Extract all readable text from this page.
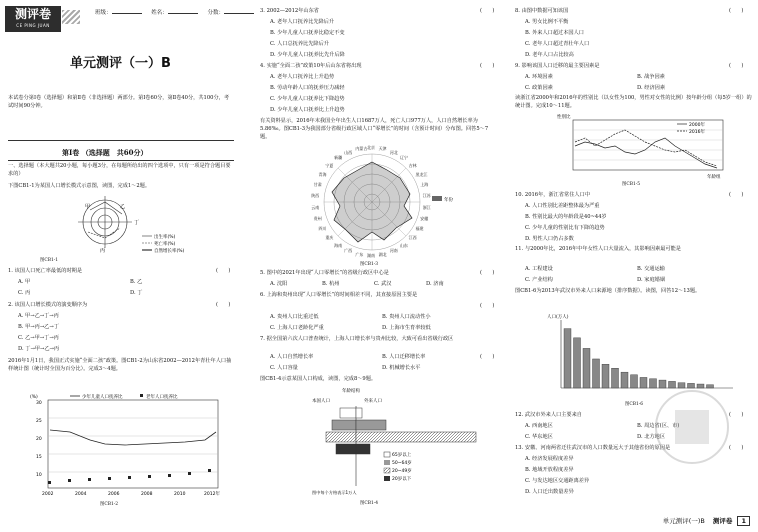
测评卷
CE PING JUAN
班级：	姓名：	分数：
单元测评（一）B
本试卷分第Ⅰ卷（选择题）和第Ⅱ卷（非选择题）两部分。第Ⅰ卷60分，第Ⅱ卷40分，共100分，考试时间90分钟。
第Ⅰ卷 （选择题　共60分）
一、选择题（本大题共20小题，每小题3分，在每题所给出的四个选项中，只有一项是符合题目要求的）
下图CB1-1为某国人口增长模式示意图，读图，完成1～2题。
甲	乙
丁
丙
出生率(%)
死亡率(%)
自然增长率(%)
图CB1-1
1. 该国人口死亡率最低的时期是	(　　)
A. 甲	B. 乙
C. 丙	D. 丁
2. 该国人口增长模式的演变顺序为	(　　)
A. 甲→乙→丁→丙
B. 甲→丙→乙→丁
C. 乙→甲→丁→丙
D. 丁→甲→乙→丙
2016年1月1日，我国正式实施“全面二孩”政策。图CB1-2为山东省2002—2012年青壮年人口抽样统计图（统计时全国为百分比）。完成3～4题。
(%)
30
25
20
15
10
少年儿童人口抚养比	老年人口抚养比
2002	2004	2006	2008	2010	2012年
图CB1-2
3. 2002—2012年山东省	(　　)
A. 老年人口抚养比先降后升
B. 少年儿童人口抚养比稳定不变
C. 人口总抚养比先降后升
D. 少年儿童人口抚养比先升后降
4. 实施“全面二孩”政策10年后山东省将出现	(　　)
A. 老年人口抚养比上升趋势
B. 劳动年龄人口的抚养压力减轻
C. 少年儿童人口抚养比下降趋势
D. 少年儿童人口抚养比上升趋势
有关资料显示，2016年末我国全年出生人口1687万人，死亡人口977万人，人口自然增长率为5.86‰。图CB1-3为我国部分省级行政区域人口“零增长”的时间（含预计时间）分布图。回答5～7题。
年份
北京 天津
河北
辽宁
吉林
黑龙江
上海
江苏
浙江
安徽
福建
江西
山东
河南
湖北
湖南
广东
广西
海南
重庆
四川
贵州
云南
陕西
甘肃
青海
宁夏
新疆
山西
内蒙古
图CB1-3
5. 图中的2021年出现“人口零增长”的省级行政区中心是	(　　)
A. 沈阳	B. 杭州	C. 武汉	D. 济南
6. 上海和贵州出现“人口零增长”的时间相差不同，其直接原因主要是
(　　)
A. 贵州人口比重过低	B. 贵州人口流动性小
C. 上海人口老龄化严重	D. 上海市生育率较低
7. 据全国第六次人口普查统计，上海人口增长率与贵州比较，大致可看出省级行政区
(　　)
A. 人口自然增长率	B. 人口迁移增长率
C. 人口容量	D. 机械增长水平
图CB1-4示意某国人口构成，读图，完成8～9题。
年龄结构
本国人口	外来人口
65岁以上
50~64岁
20~49岁
20岁以下
图中每个方格表示1万人
图CB1-4
8. 由图中数据可知该国	(　　)
A. 男女比例不平衡
B. 外来人口超过本国人口
C. 老年人口超过青壮年人口
D. 老年人口占比较高
9. 影响该国人口迁移的最主要因素是	(　　)
A. 环境因素	B. 战争因素
C. 政策因素	D. 经济因素
读浙江省2000年和2016年的性别比（以女性为100，男性对女性的比例）按年龄分组（每5岁一组）的统计图。完成10～11题。
性别比
2000年
2016年
年龄组
图CB1-5
10. 2016年，浙江省常住人口中	(　　)
A. 人口性别比差距整体最为严重
B. 性别比最大的年龄段是40~44岁
C. 少年儿童的性别比有下降的趋势
D. 男性人口仍占多数
11. 与2000年比，2016年中年女性人口大量流入，其影响因素最可能是
A. 工程建设	B. 交通运输
C. 产业结构	D. 家庭婚姻
图CB1-6为2013年武汉市外来人口来源地（排序数据）。读图，回答12～13题。
人口(万人)
图CB1-6
12. 武汉市外来人口主要来自	(　　)
A. 西南地区	B. 周边省(区、市)
C. 华东地区	D. 北方地区
13. 安徽、河南两省迁往武汉市的人口数量远大于其他省份的原因是	(　　)
A. 经济发展程度差异
B. 地域开放程度差异
C. 与发达地区交通距离差异
D. 人口迁出数量差异
单元测评(一)B 测评卷 1
